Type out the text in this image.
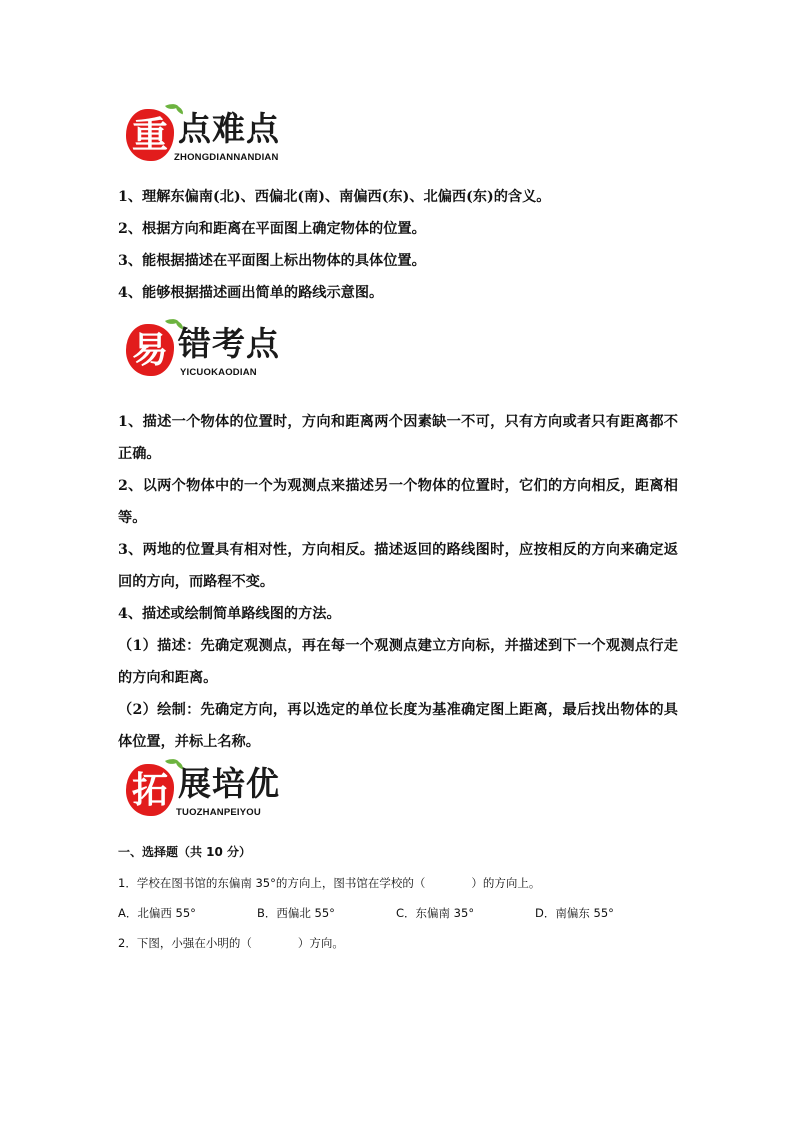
重 点难点
ZHONGDIANNANDIAN

1、理解东偏南(北)、西偏北(南)、南偏西(东)、北偏西(东)的含义。

2、根据方向和距离在平面图上确定物体的位置。

3、能根据描述在平面图上标出物体的具体位置。

4、能够根据描述画出简单的路线示意图。

易 错考点
YICUOKAODIAN

1、描述一个物体的位置时，方向和距离两个因素缺一不可，只有方向或者只有距离都不正确。

2、以两个物体中的一个为观测点来描述另一个物体的位置时，它们的方向相反，距离相等。

3、两地的位置具有相对性，方向相反。描述返回的路线图时，应按相反的方向来确定返回的方向，而路程不变。

4、描述或绘制简单路线图的方法。

（1）描述：先确定观测点，再在每一个观测点建立方向标，并描述到下一个观测点行走的方向和距离。

（2）绘制：先确定方向，再以选定的单位长度为基准确定图上距离，最后找出物体的具体位置，并标上名称。

拓 展培优
TUOZHANPEIYOU
一、选择题（共 10 分）
1．学校在图书馆的东偏南 35°的方向上，图书馆在学校的（　　　　）的方向上。
A．北偏西 55°	B．西偏北 55°	C．东偏南 35°	D．南偏东 55°
2．下图，小强在小明的（　　　　）方向。
